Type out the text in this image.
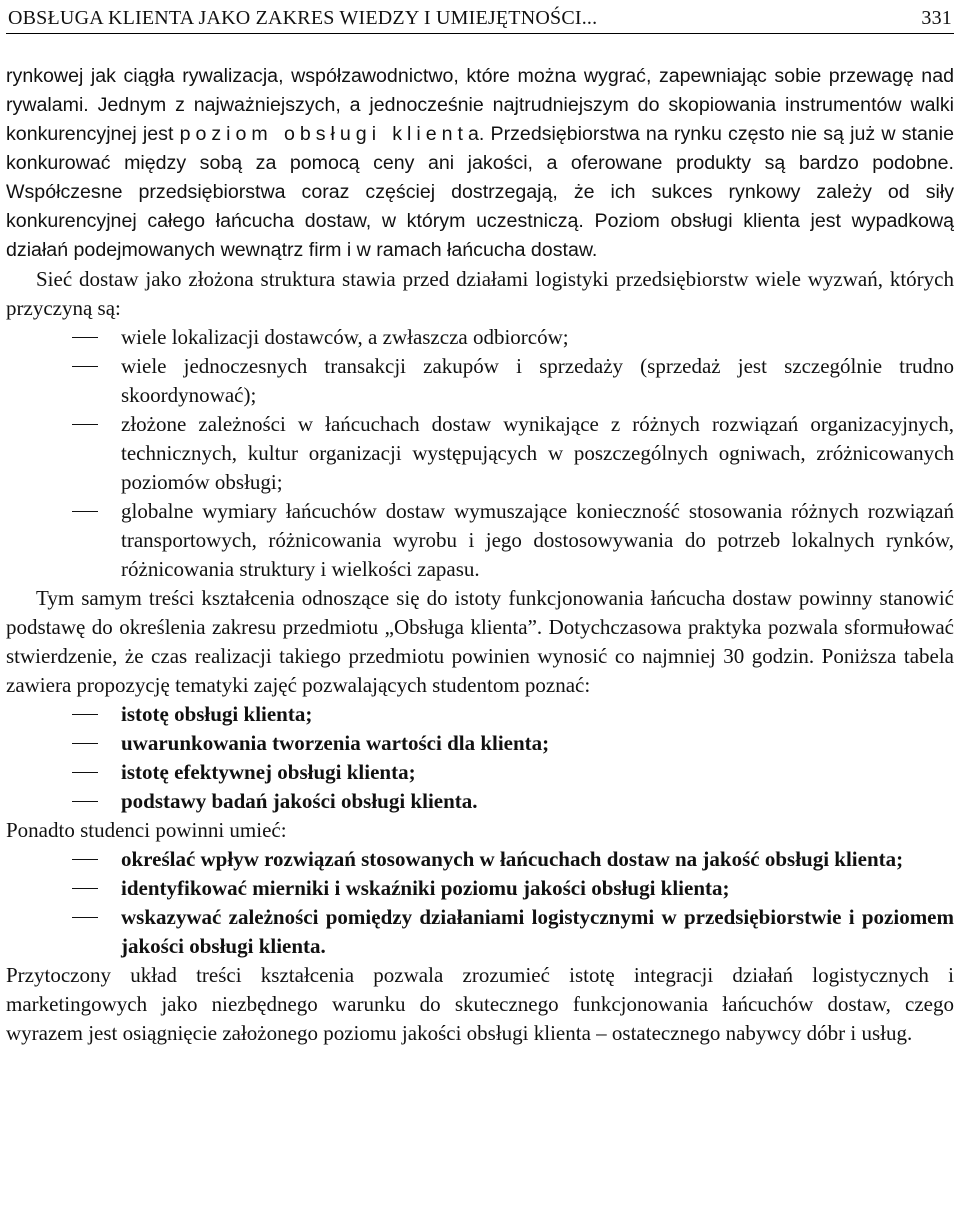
OBSŁUGA KLIENTA JAKO ZAKRES WIEDZY I UMIEJĘTNOŚCI...	331

rynkowej jak ciągła rywalizacja, współzawodnictwo, które można wygrać, zapewniając sobie przewagę nad rywalami. Jednym z najważniejszych, a jednocześnie najtrudniejszym do skopiowania instrumentów walki konkurencyjnej jest poziom obsługi klienta. Przedsiębiorstwa na rynku często nie są już w stanie konkurować między sobą za pomocą ceny ani jakości, a oferowane produkty są bardzo podobne. Współczesne przedsiębiorstwa coraz częściej dostrzegają, że ich sukces rynkowy zależy od siły konkurencyjnej całego łańcucha dostaw, w którym uczestniczą. Poziom obsługi klienta jest wypadkową działań podejmowanych wewnątrz firm i w ramach łańcucha dostaw.

Sieć dostaw jako złożona struktura stawia przed działami logistyki przedsiębiorstw wiele wyzwań, których przyczyną są:

wiele lokalizacji dostawców, a zwłaszcza odbiorców;
wiele jednoczesnych transakcji zakupów i sprzedaży (sprzedaż jest szczególnie trudno skoordynować);
złożone zależności w łańcuchach dostaw wynikające z różnych rozwiązań organizacyjnych, technicznych, kultur organizacji występujących w poszczególnych ogniwach, zróżnicowanych poziomów obsługi;
globalne wymiary łańcuchów dostaw wymuszające konieczność stosowania różnych rozwiązań transportowych, różnicowania wyrobu i jego dostosowywania do potrzeb lokalnych rynków, różnicowania struktury i wielkości zapasu.

Tym samym treści kształcenia odnoszące się do istoty funkcjonowania łańcucha dostaw powinny stanowić podstawę do określenia zakresu przedmiotu „Obsługa klienta”. Dotychczasowa praktyka pozwala sformułować stwierdzenie, że czas realizacji takiego przedmiotu powinien wynosić co najmniej 30 godzin. Poniższa tabela zawiera propozycję tematyki zajęć pozwalających studentom poznać:

istotę obsługi klienta;
uwarunkowania tworzenia wartości dla klienta;
istotę efektywnej obsługi klienta;
podstawy badań jakości obsługi klienta.

Ponadto studenci powinni umieć:

określać wpływ rozwiązań stosowanych w łańcuchach dostaw na jakość obsługi klienta;
identyfikować mierniki i wskaźniki poziomu jakości obsługi klienta;
wskazywać zależności pomiędzy działaniami logistycznymi w przedsiębiorstwie i poziomem jakości obsługi klienta.

Przytoczony układ treści kształcenia pozwala zrozumieć istotę integracji działań logistycznych i marketingowych jako niezbędnego warunku do skutecznego funkcjonowania łańcuchów dostaw, czego wyrazem jest osiągnięcie założonego poziomu jakości obsługi klienta – ostatecznego nabywcy dóbr i usług.
